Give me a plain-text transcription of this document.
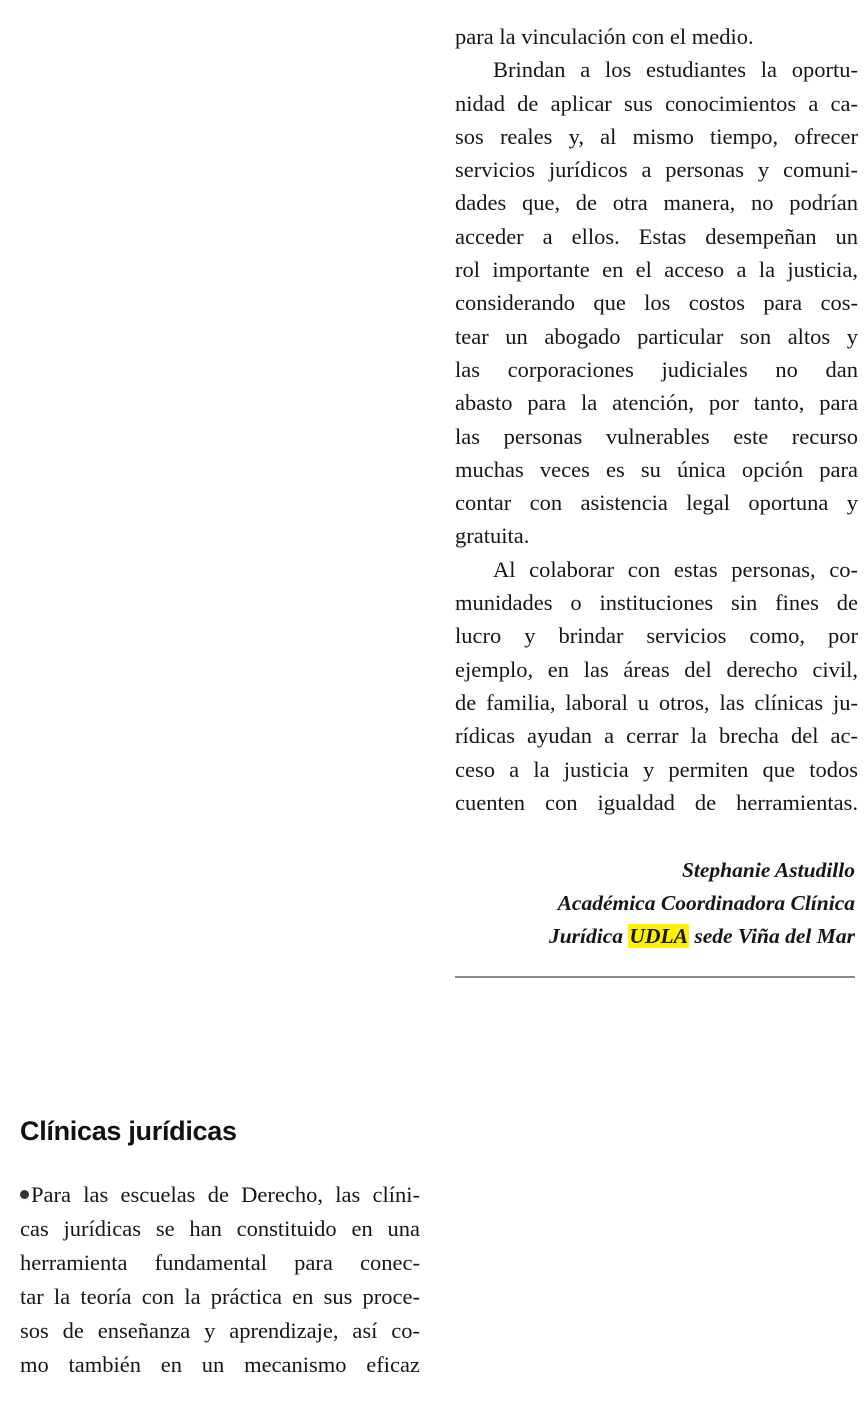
para la vinculación con el medio.
Brindan a los estudiantes la oportu-
nidad de aplicar sus conocimientos a ca-
sos reales y, al mismo tiempo, ofrecer
servicios jurídicos a personas y comuni-
dades que, de otra manera, no podrían
acceder a ellos. Estas desempeñan un
rol importante en el acceso a la justicia,
considerando que los costos para cos-
tear un abogado particular son altos y
las corporaciones judiciales no dan
abasto para la atención, por tanto, para
las personas vulnerables este recurso
muchas veces es su única opción para
contar con asistencia legal oportuna y
gratuita.
Al colaborar con estas personas, co-
munidades o instituciones sin fines de
lucro y brindar servicios como, por
ejemplo, en las áreas del derecho civil,
de familia, laboral u otros, las clínicas ju-
rídicas ayudan a cerrar la brecha del ac-
ceso a la justicia y permiten que todos
cuenten con igualdad de herramientas.
Stephanie Astudillo
Académica Coordinadora Clínica
Jurídica UDLA sede Viña del Mar
Clínicas jurídicas
Para las escuelas de Derecho, las clíni-
cas jurídicas se han constituido en una
herramienta fundamental para conec-
tar la teoría con la práctica en sus proce-
sos de enseñanza y aprendizaje, así co-
mo también en un mecanismo eficaz
